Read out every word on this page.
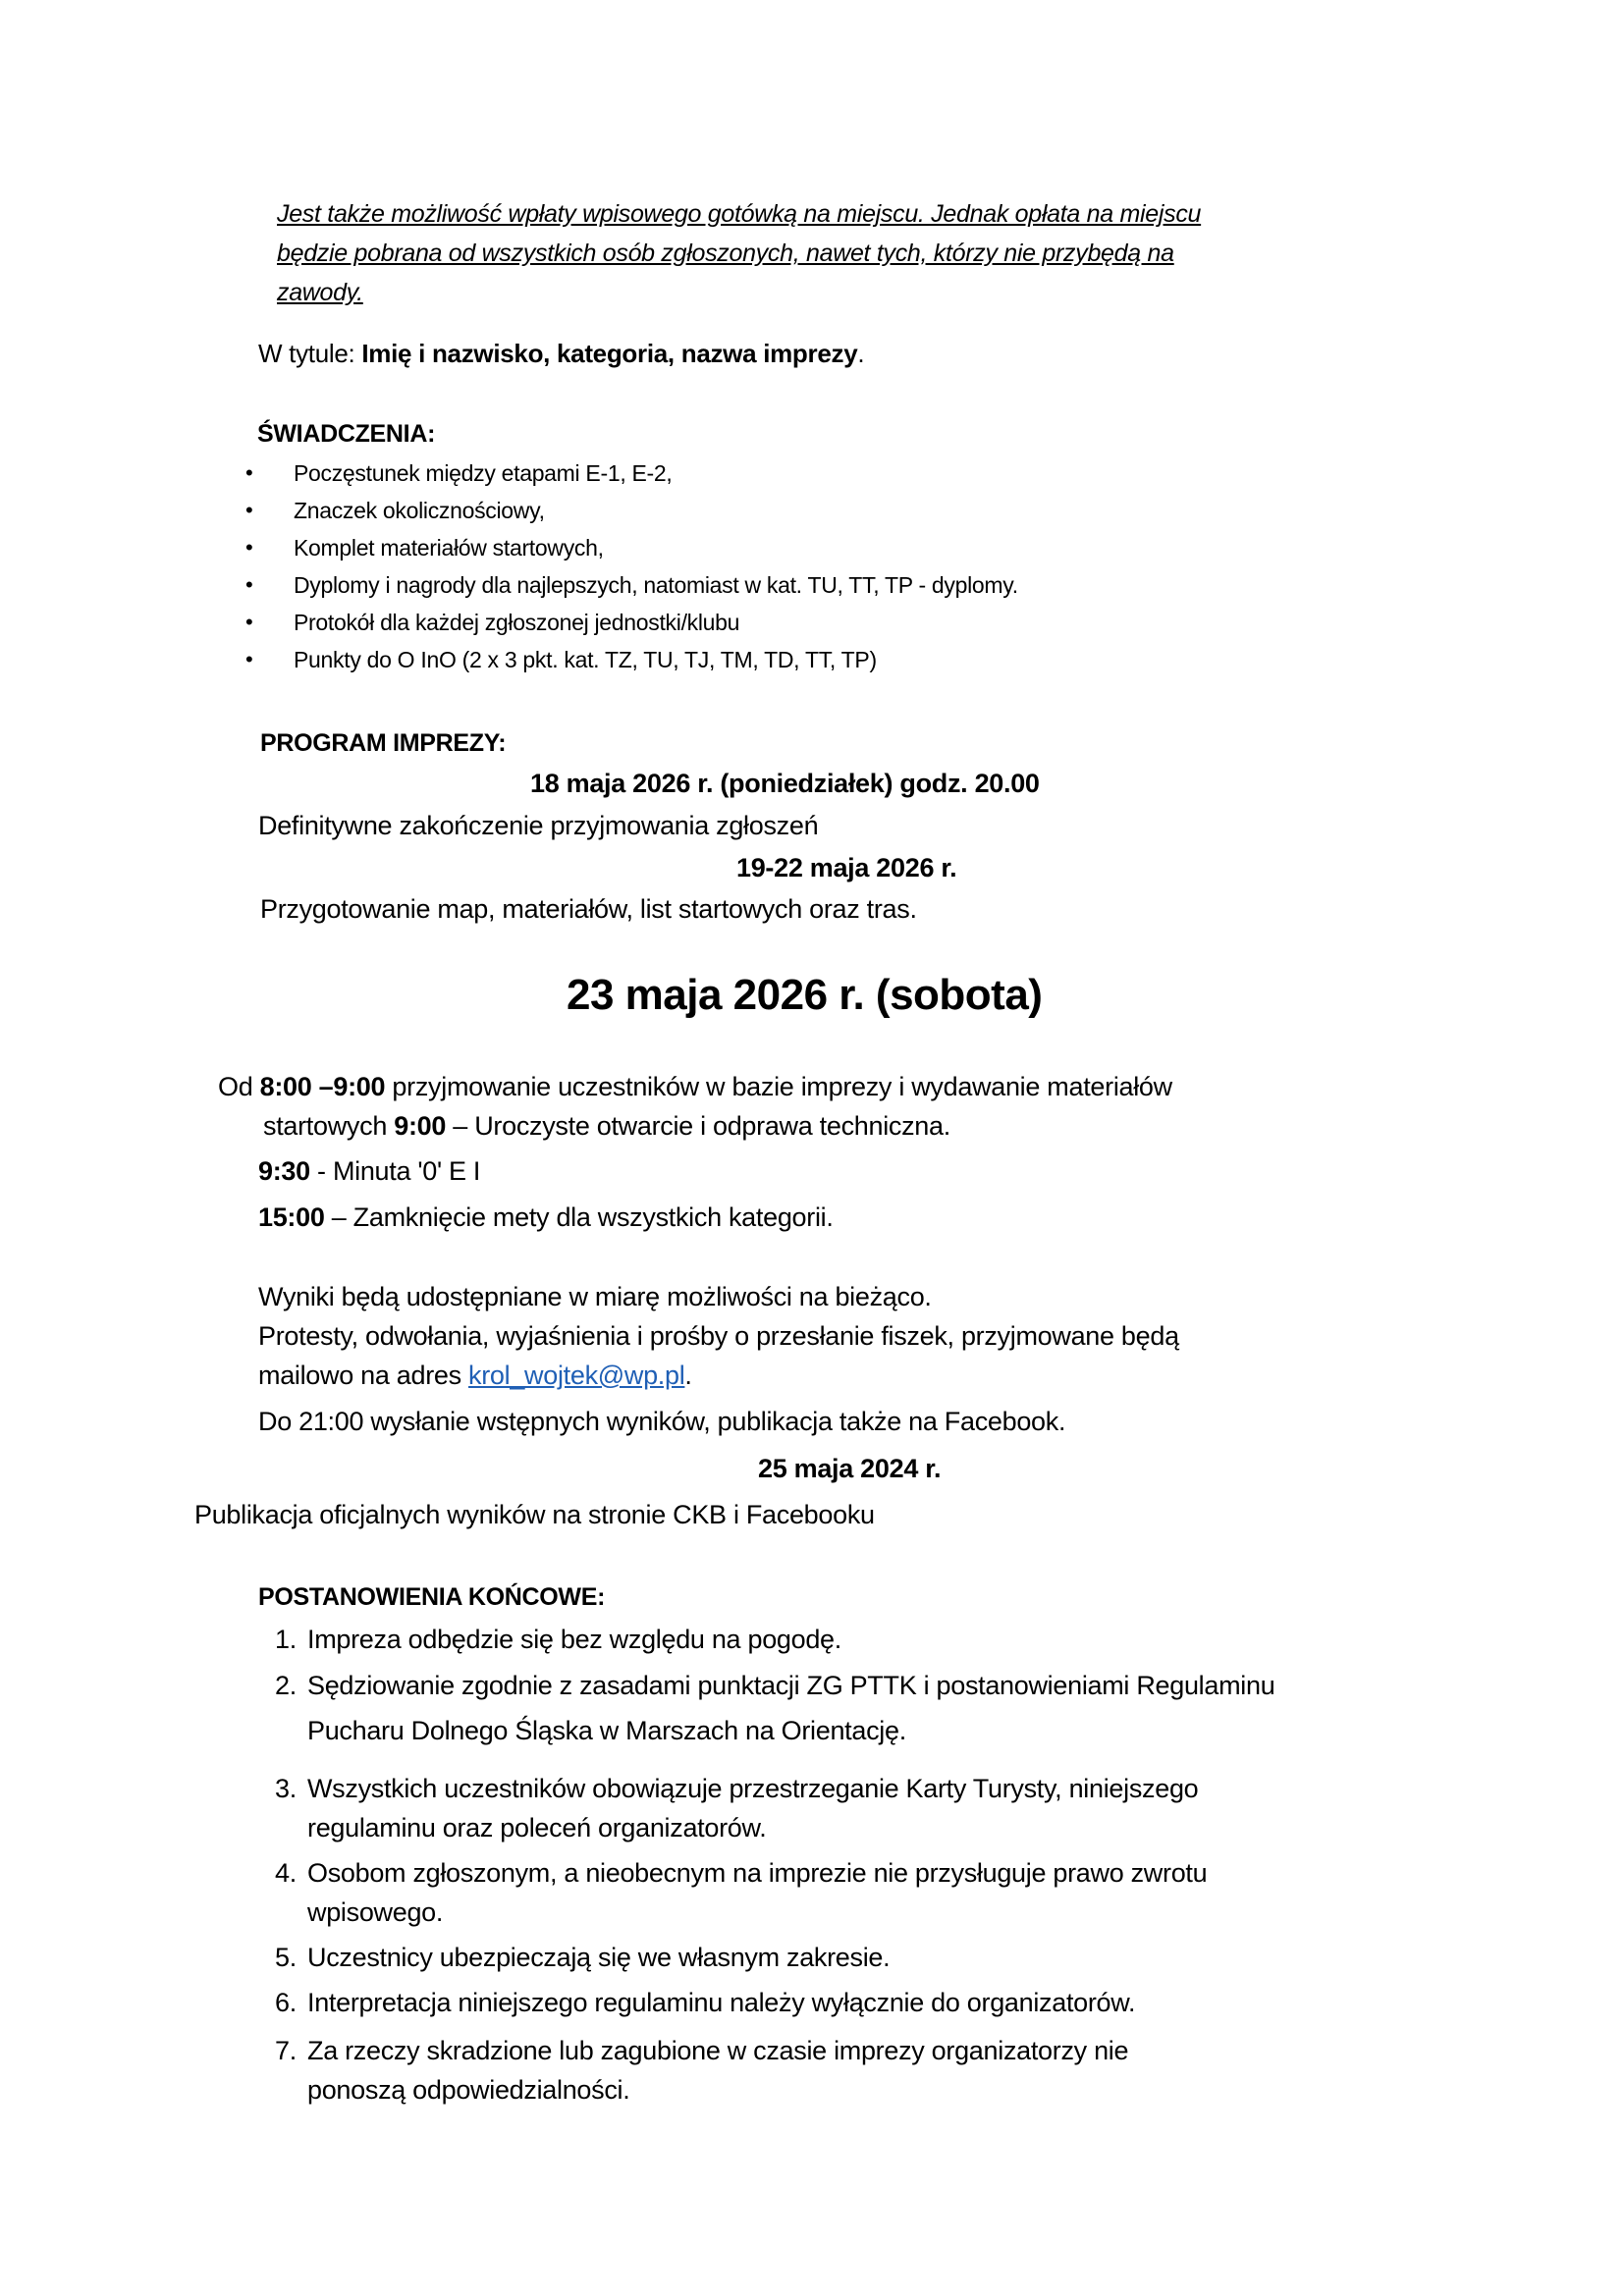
Jest także możliwość wpłaty wpisowego gotówką na miejscu. Jednak opłata na miejscu
będzie pobrana od wszystkich osób zgłoszonych, nawet tych, którzy nie przybędą na
zawody.
W tytule: Imię i nazwisko, kategoria, nazwa imprezy.
ŚWIADCZENIA:
• Poczęstunek między etapami E-1, E-2,
• Znaczek okolicznościowy,
• Komplet materiałów startowych,
• Dyplomy i nagrody dla najlepszych, natomiast w kat. TU, TT, TP - dyplomy.
• Protokół dla każdej zgłoszonej jednostki/klubu
• Punkty do O InO (2 x 3 pkt. kat. TZ, TU, TJ, TM, TD, TT, TP)
PROGRAM IMPREZY:
18 maja 2026 r. (poniedziałek) godz. 20.00
Definitywne zakończenie przyjmowania zgłoszeń
19-22 maja 2026 r.
Przygotowanie map, materiałów, list startowych oraz tras.
23 maja 2026 r. (sobota)
Od 8:00 –9:00 przyjmowanie uczestników w bazie imprezy i wydawanie materiałów
startowych 9:00 – Uroczyste otwarcie i odprawa techniczna.
9:30 - Minuta '0' E I
15:00 – Zamknięcie mety dla wszystkich kategorii.
Wyniki będą udostępniane w miarę możliwości na bieżąco.
Protesty, odwołania, wyjaśnienia i prośby o przesłanie fiszek, przyjmowane będą
mailowo na adres krol_wojtek@wp.pl.
Do 21:00 wysłanie wstępnych wyników, publikacja także na Facebook.
25 maja 2024 r.
Publikacja oficjalnych wyników na stronie CKB i Facebooku
POSTANOWIENIA KOŃCOWE:
1. Impreza odbędzie się bez względu na pogodę.
2. Sędziowanie zgodnie z zasadami punktacji ZG PTTK i postanowieniami Regulaminu
Pucharu Dolnego Śląska w Marszach na Orientację.
3. Wszystkich uczestników obowiązuje przestrzeganie Karty Turysty, niniejszego
regulaminu oraz poleceń organizatorów.
4. Osobom zgłoszonym, a nieobecnym na imprezie nie przysługuje prawo zwrotu
wpisowego.
5. Uczestnicy ubezpieczają się we własnym zakresie.
6. Interpretacja niniejszego regulaminu należy wyłącznie do organizatorów.
7. Za rzeczy skradzione lub zagubione w czasie imprezy organizatorzy nie
ponoszą odpowiedzialności.
